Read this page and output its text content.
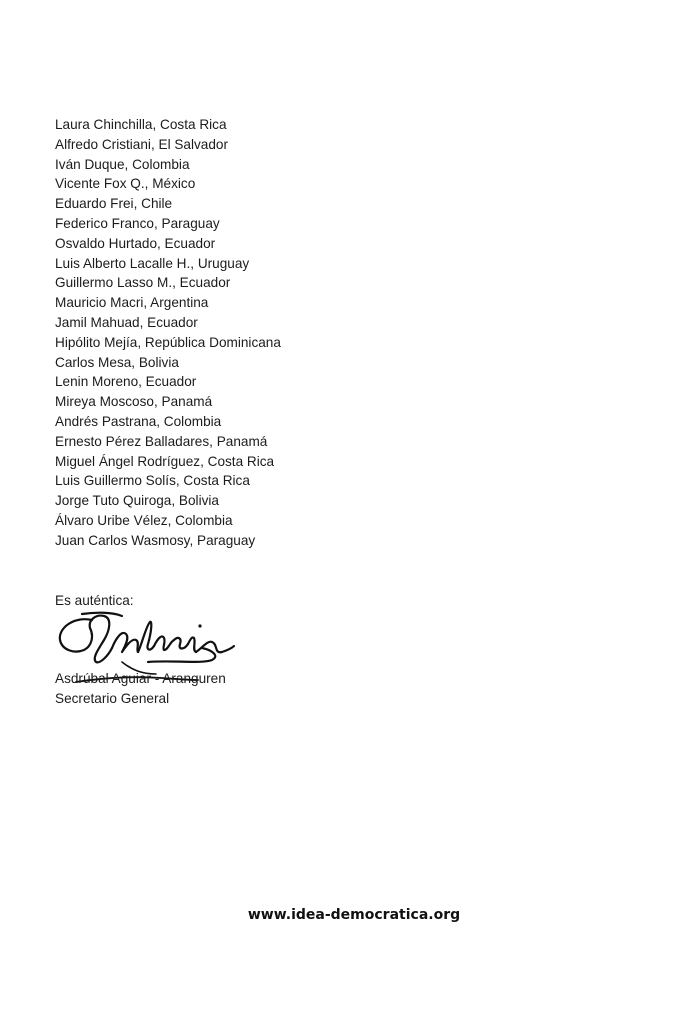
Laura Chinchilla, Costa Rica
Alfredo Cristiani, El Salvador
Iván Duque, Colombia
Vicente Fox Q., México
Eduardo Frei, Chile
Federico Franco, Paraguay
Osvaldo Hurtado, Ecuador
Luis Alberto Lacalle H., Uruguay
Guillermo Lasso M., Ecuador
Mauricio Macri, Argentina
Jamil Mahuad, Ecuador
Hipólito Mejía, República Dominicana
Carlos Mesa, Bolivia
Lenin Moreno, Ecuador
Mireya Moscoso, Panamá
Andrés Pastrana, Colombia
Ernesto Pérez Balladares, Panamá
Miguel Ángel Rodríguez, Costa Rica
Luis Guillermo Solís, Costa Rica
Jorge Tuto Quiroga, Bolivia
Álvaro Uribe Vélez, Colombia
Juan Carlos Wasmosy, Paraguay
Es auténtica:
Asdrúbal Aguiar - Aranguren
Secretario General
www.idea-democratica.org
